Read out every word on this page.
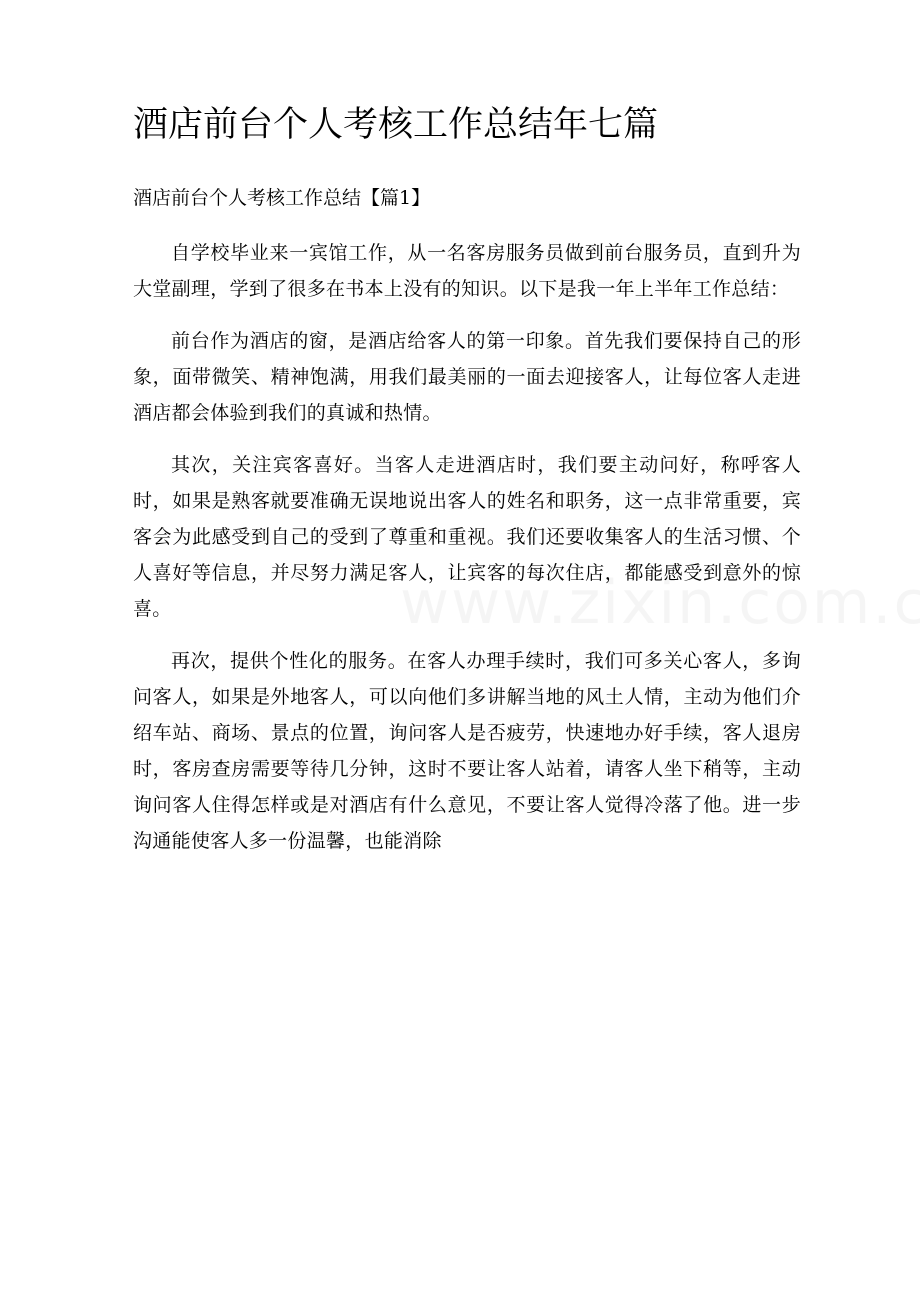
酒店前台个人考核工作总结年七篇
酒店前台个人考核工作总结【篇1】

自学校毕业来一宾馆工作，从一名客房服务员做到前台服务员，直到升为大堂副理，学到了很多在书本上没有的知识。以下是我一年上半年工作总结：

前台作为酒店的窗，是酒店给客人的第一印象。首先我们要保持自己的形象，面带微笑、精神饱满，用我们最美丽的一面去迎接客人，让每位客人走进酒店都会体验到我们的真诚和热情。

其次，关注宾客喜好。当客人走进酒店时，我们要主动问好，称呼客人时，如果是熟客就要准确无误地说出客人的姓名和职务，这一点非常重要，宾客会为此感受到自己的受到了尊重和重视。我们还要收集客人的生活习惯、个人喜好等信息，并尽努力满足客人，让宾客的每次住店，都能感受到意外的惊喜。

再次，提供个性化的服务。在客人办理手续时，我们可多关心客人，多询问客人，如果是外地客人，可以向他们多讲解当地的风土人情，主动为他们介绍车站、商场、景点的位置，询问客人是否疲劳，快速地办好手续，客人退房时，客房查房需要等待几分钟，这时不要让客人站着，请客人坐下稍等，主动询问客人住得怎样或是对酒店有什么意见，不要让客人觉得冷落了他。进一步沟通能使客人多一份温馨，也能消除
